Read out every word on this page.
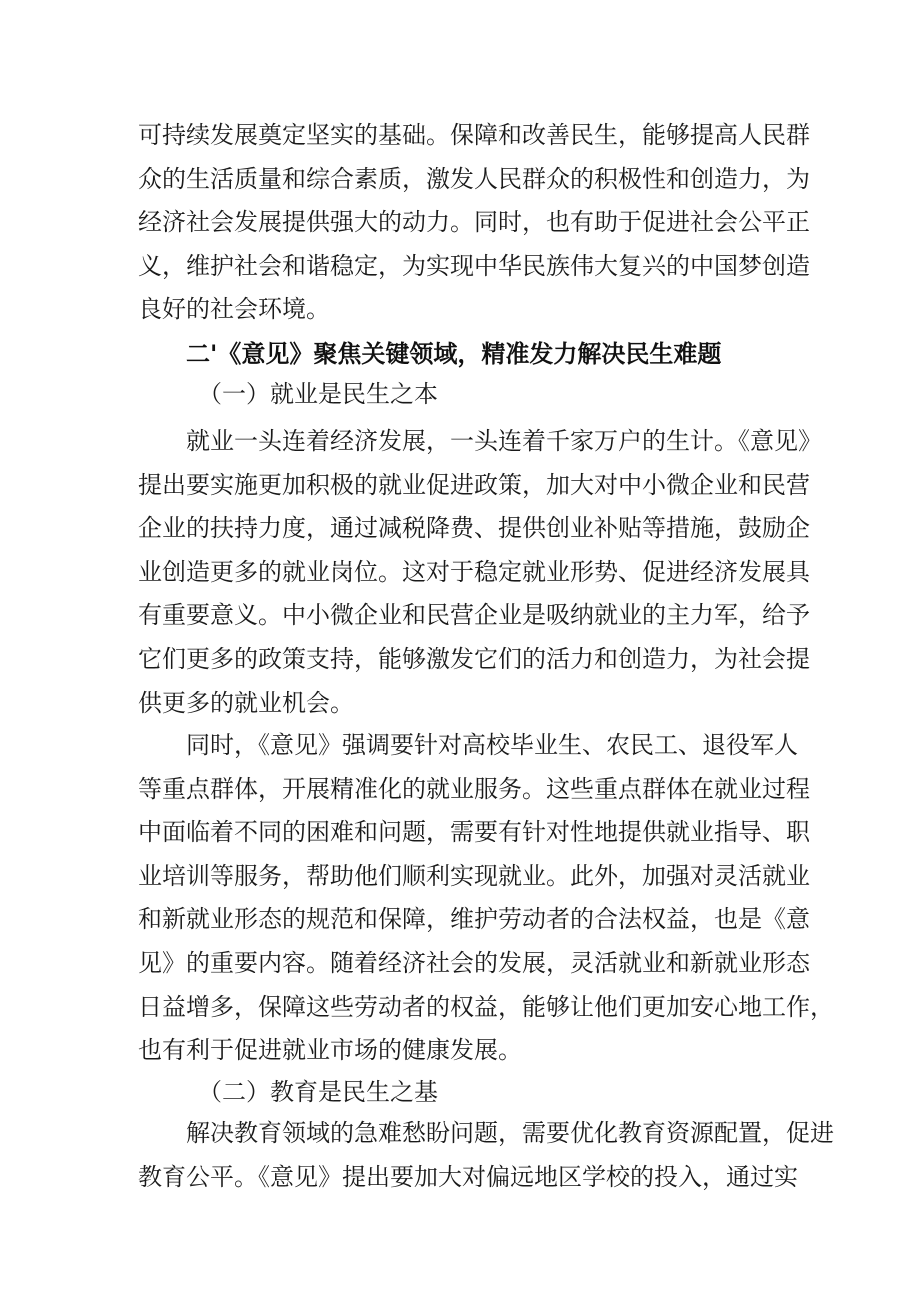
可持续发展奠定坚实的基础。保障和改善民生，能够提高人民群
众的生活质量和综合素质，激发人民群众的积极性和创造力，为
经济社会发展提供强大的动力。同时，也有助于促进社会公平正
义，维护社会和谐稳定，为实现中华民族伟大复兴的中国梦创造
良好的社会环境。
二'《意见》聚焦关键领域，精准发力解决民生难题
（一）就业是民生之本
就业一头连着经济发展，一头连着千家万户的生计。《意见》
提出要实施更加积极的就业促进政策，加大对中小微企业和民营
企业的扶持力度，通过减税降费、提供创业补贴等措施，鼓励企
业创造更多的就业岗位。这对于稳定就业形势、促进经济发展具
有重要意义。中小微企业和民营企业是吸纳就业的主力军，给予
它们更多的政策支持，能够激发它们的活力和创造力，为社会提
供更多的就业机会。
同时，《意见》强调要针对高校毕业生、农民工、退役军人
等重点群体，开展精准化的就业服务。这些重点群体在就业过程
中面临着不同的困难和问题，需要有针对性地提供就业指导、职
业培训等服务，帮助他们顺利实现就业。此外，加强对灵活就业
和新就业形态的规范和保障，维护劳动者的合法权益，也是《意
见》的重要内容。随着经济社会的发展，灵活就业和新就业形态
日益增多，保障这些劳动者的权益，能够让他们更加安心地工作，
也有利于促进就业市场的健康发展。
（二）教育是民生之基
解决教育领域的急难愁盼问题，需要优化教育资源配置，促进
教育公平。《意见》提出要加大对偏远地区学校的投入，通过实
